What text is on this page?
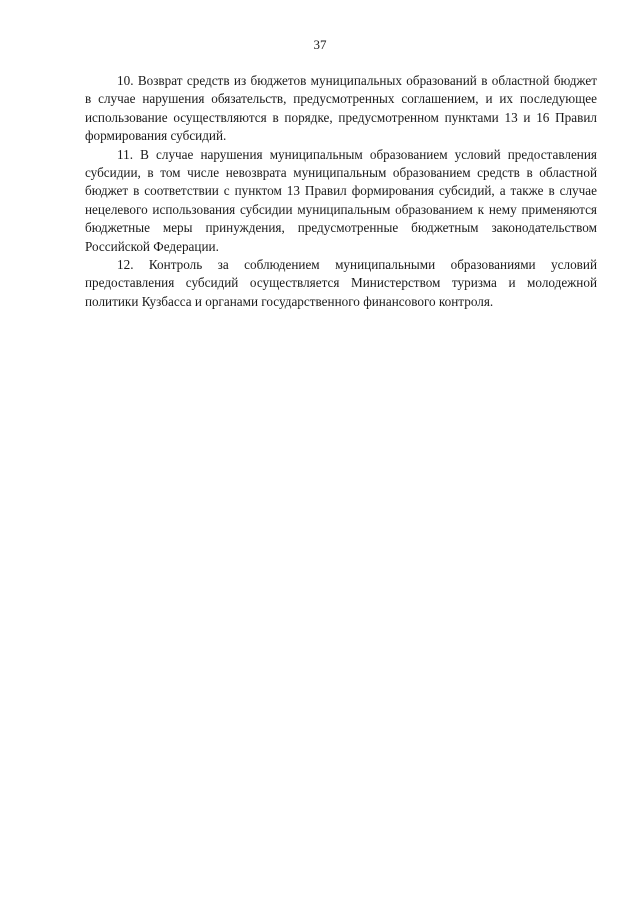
37

10. Возврат средств из бюджетов муниципальных образований в областной бюджет в случае нарушения обязательств, предусмотренных соглашением, и их последующее использование осуществляются в порядке, предусмотренном пунктами 13 и 16 Правил формирования субсидий.

11. В случае нарушения муниципальным образованием условий предоставления субсидии, в том числе невозврата муниципальным образованием средств в областной бюджет в соответствии с пунктом 13 Правил формирования субсидий, а также в случае нецелевого использования субсидии муниципальным образованием к нему применяются бюджетные меры принуждения, предусмотренные бюджетным законодательством Российской Федерации.

12. Контроль за соблюдением муниципальными образованиями условий предоставления субсидий осуществляется Министерством туризма и молодежной политики Кузбасса и органами государственного финансового контроля.
